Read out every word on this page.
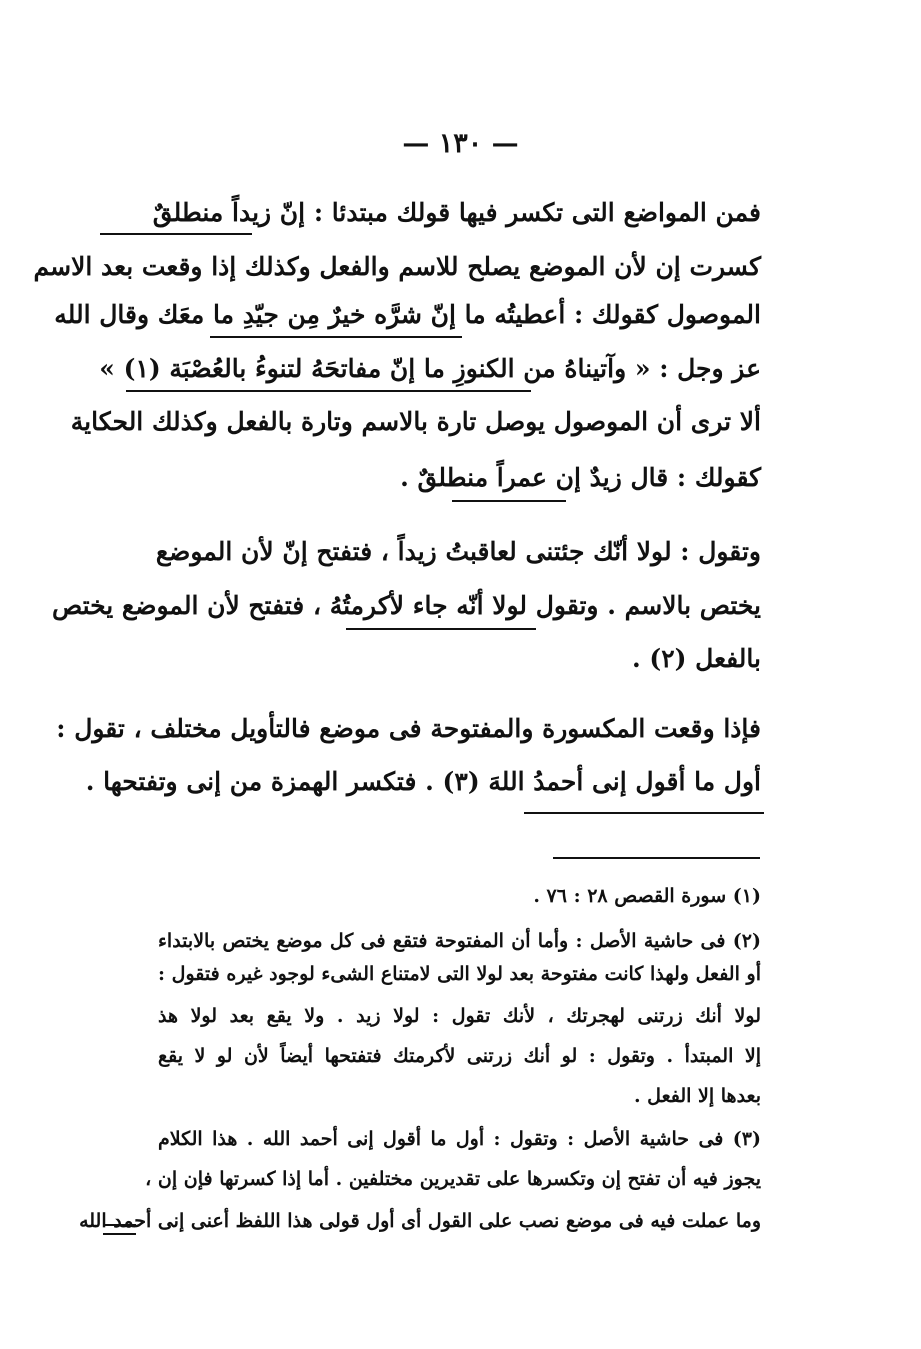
— ١٣٠ —
فمن المواضع التى تكسر فيها قولك مبتدئا : إنّ زيداً منطلقٌ
كسرت إن لأن الموضع يصلح للاسم والفعل وكذلك إذا وقعت بعد الاسم
الموصول كقولك : أعطيتُه ما إنّ شرَّه خيرٌ مِن جيّدِ ما معَك وقال الله
عز وجل : « وآتيناهُ من الكنوزِ ما إنّ مفاتحَهُ لتنوءُ بالعُصْبَة (١) »
ألا ترى أن الموصول يوصل تارة بالاسم وتارة بالفعل وكذلك الحكاية
كقولك : قال زيدٌ إن عمراً منطلقٌ .
وتقول : لولا أنّك جئتنى لعاقبتُ زيداً ، فتفتح إنّ لأن الموضع
يختص بالاسم . وتقول لولا أنّه جاء لأكرمتُهُ ، فتفتح لأن الموضع يختص
بالفعل (٢) .
فإذا وقعت المكسورة والمفتوحة فى موضع فالتأويل مختلف ، تقول :
أول ما أقول إنى أحمدُ اللهَ (٣) . فتكسر الهمزة من إنى وتفتحها .
(١) سورة القصص ٢٨ : ٧٦ .
(٢) فى حاشية الأصل : وأما أن المفتوحة فتقع فى كل موضع يختص بالابتداء
أو الفعل ولهذا كانت مفتوحة بعد لولا التى لامتناع الشىء لوجود غيره فتقول :
لولا أنك زرتنى لهجرتك ، لأنك تقول : لولا زيد . ولا يقع بعد لولا هذ
إلا المبتدأ . وتقول : لو أنك زرتنى لأكرمتك فتفتحها أيضاً لأن لو لا يقع
بعدها إلا الفعل .
(٣) فى حاشية الأصل : وتقول : أول ما أقول إنى أحمد الله . هذا الكلام
يجوز فيه أن تفتح إن وتكسرها على تقديرين مختلفين . أما إذا كسرتها فإن إن ،
وما عملت فيه فى موضع نصب على القول أى أول قولى هذا اللفظ أعنى إنى أحمد الله
